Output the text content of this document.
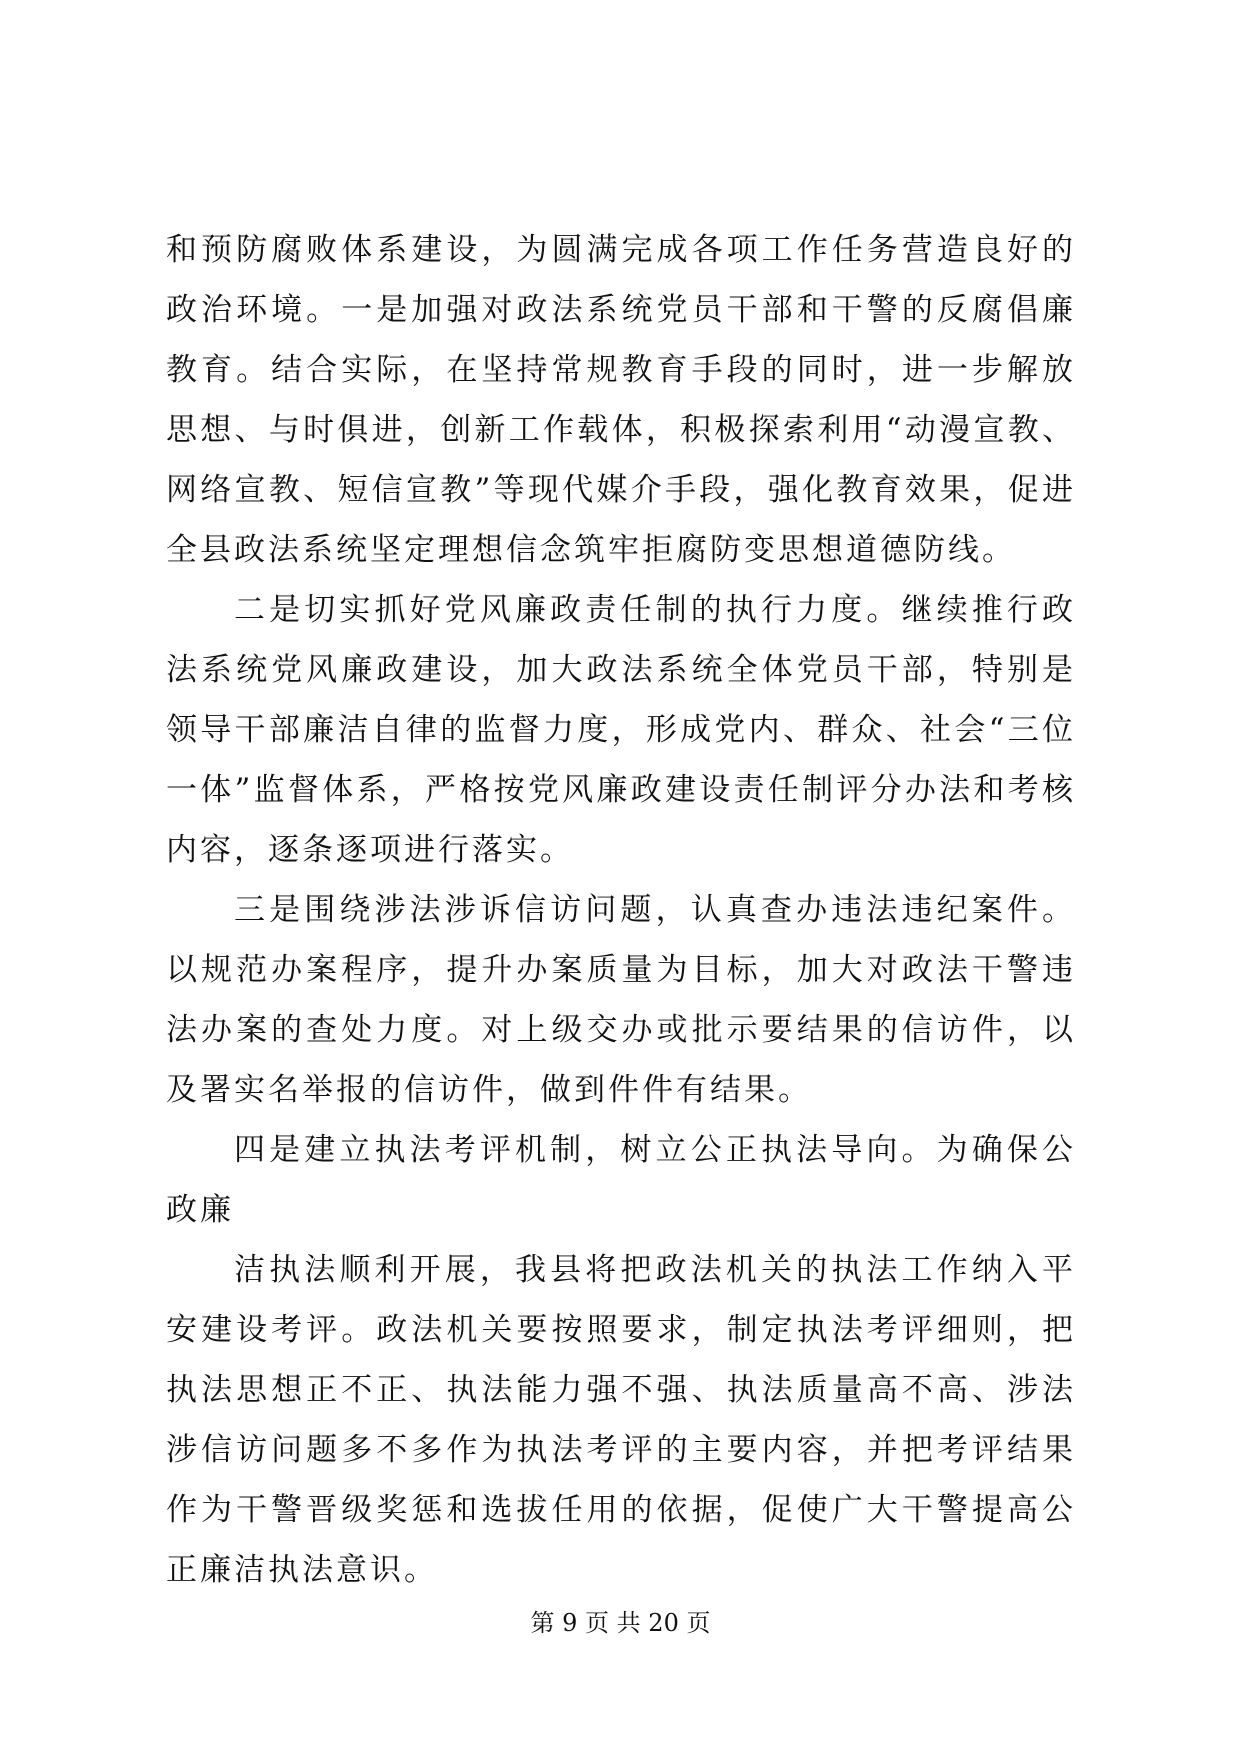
和预防腐败体系建设，为圆满完成各项工作任务营造良好的政治环境。一是加强对政法系统党员干部和干警的反腐倡廉教育。结合实际，在坚持常规教育手段的同时，进一步解放思想、与时俱进，创新工作载体，积极探索利用“动漫宣教、网络宣教、短信宣教”等现代媒介手段，强化教育效果，促进全县政法系统坚定理想信念筑牢拒腐防变思想道德防线。

二是切实抓好党风廉政责任制的执行力度。继续推行政法系统党风廉政建设，加大政法系统全体党员干部，特别是领导干部廉洁自律的监督力度，形成党内、群众、社会“三位一体”监督体系，严格按党风廉政建设责任制评分办法和考核内容，逐条逐项进行落实。

三是围绕涉法涉诉信访问题，认真查办违法违纪案件。以规范办案程序，提升办案质量为目标，加大对政法干警违法办案的查处力度。对上级交办或批示要结果的信访件，以及署实名举报的信访件，做到件件有结果。

四是建立执法考评机制，树立公正执法导向。为确保公政廉

洁执法顺利开展，我县将把政法机关的执法工作纳入平安建设考评。政法机关要按照要求，制定执法考评细则，把执法思想正不正、执法能力强不强、执法质量高不高、涉法涉信访问题多不多作为执法考评的主要内容，并把考评结果作为干警晋级奖惩和选拔任用的依据，促使广大干警提高公正廉洁执法意识。

第 9 页 共 20 页
